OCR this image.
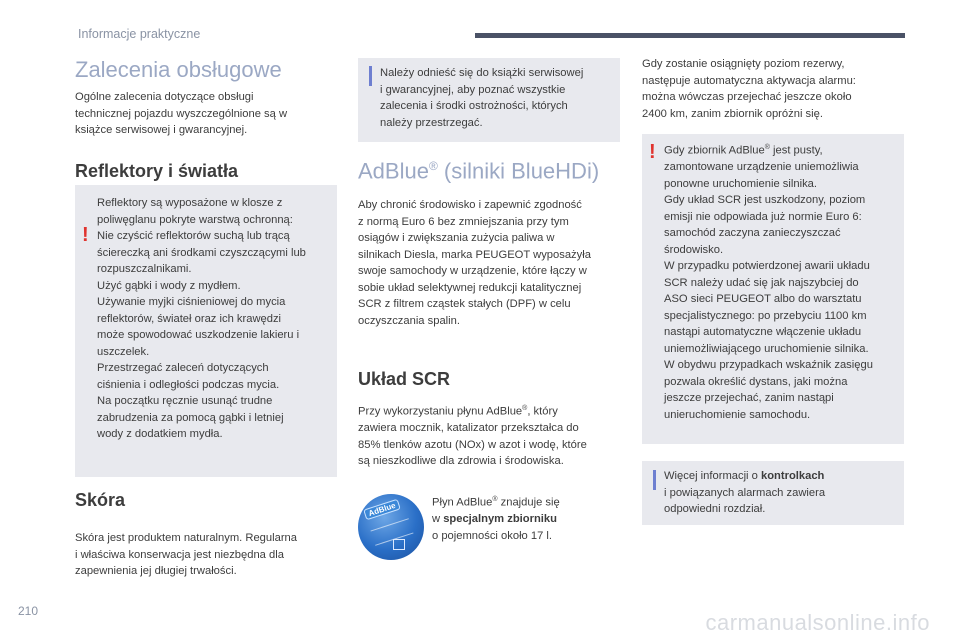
Informacje praktyczne
Zalecenia obsługowe

Ogólne zalecenia dotyczące obsługi
technicznej pojazdu wyszczególnione są w
książce serwisowej i gwarancyjnej.

Reflektory i światła
!
Reflektory są wyposażone w klosze z
poliwęglanu pokryte warstwą ochronną:
Nie czyścić reflektorów suchą lub trącą
ściereczką ani środkami czyszczącymi lub
rozpuszczalnikami.
Użyć gąbki i wody z mydłem.
Używanie myjki ciśnieniowej do mycia
reflektorów, świateł oraz ich krawędzi
może spowodować uszkodzenie lakieru i
uszczelek.
Przestrzegać zaleceń dotyczących
ciśnienia i odległości podczas mycia.
Na początku ręcznie usunąć trudne
zabrudzenia za pomocą gąbki i letniej
wody z dodatkiem mydła.
Skóra

Skóra jest produktem naturalnym. Regularna
i właściwa konserwacja jest niezbędna dla
zapewnienia jej długiej trwałości.

Należy odnieść się do książki serwisowej
i gwarancyjnej, aby poznać wszystkie
zalecenia i środki ostrożności, których
należy przestrzegać.
AdBlue® (silniki BlueHDi)

Aby chronić środowisko i zapewnić zgodność
z normą Euro 6 bez zmniejszania przy tym
osiągów i zwiększania zużycia paliwa w
silnikach Diesla, marka PEUGEOT wyposażyła
swoje samochody w urządzenie, które łączy w
sobie układ selektywnej redukcji katalitycznej
SCR z filtrem cząstek stałych (DPF) w celu
oczyszczania spalin.

Układ SCR

Przy wykorzystaniu płynu AdBlue®, który
zawiera mocznik, katalizator przekształca do
85% tlenków azotu (NOx) w azot i wodę, które
są nieszkodliwe dla zdrowia i środowiska.

AdBlue	Płyn AdBlue® znajduje się
w specjalnym zbiorniku
o pojemności około 17 l.

Gdy zostanie osiągnięty poziom rezerwy,
następuje automatyczna aktywacja alarmu:
można wówczas przejechać jeszcze około
2400 km, zanim zbiornik opróżni się.

! Gdy zbiornik AdBlue® jest pusty,
zamontowane urządzenie uniemożliwia
ponowne uruchomienie silnika.
Gdy układ SCR jest uszkodzony, poziom
emisji nie odpowiada już normie Euro 6:
samochód zaczyna zanieczyszczać
środowisko.
W przypadku potwierdzonej awarii układu
SCR należy udać się jak najszybciej do
ASO sieci PEUGEOT albo do warsztatu
specjalistycznego: po przebyciu 1100 km
nastąpi automatyczne włączenie układu
uniemożliwiającego uruchomienie silnika.
W obydwu przypadkach wskaźnik zasięgu
pozwala określić dystans, jaki można
jeszcze przejechać, zanim nastąpi
unieruchomienie samochodu.
Więcej informacji o kontrolkach
i powiązanych alarmach zawiera
odpowiedni rozdział.
210	carmanualsonline.info
